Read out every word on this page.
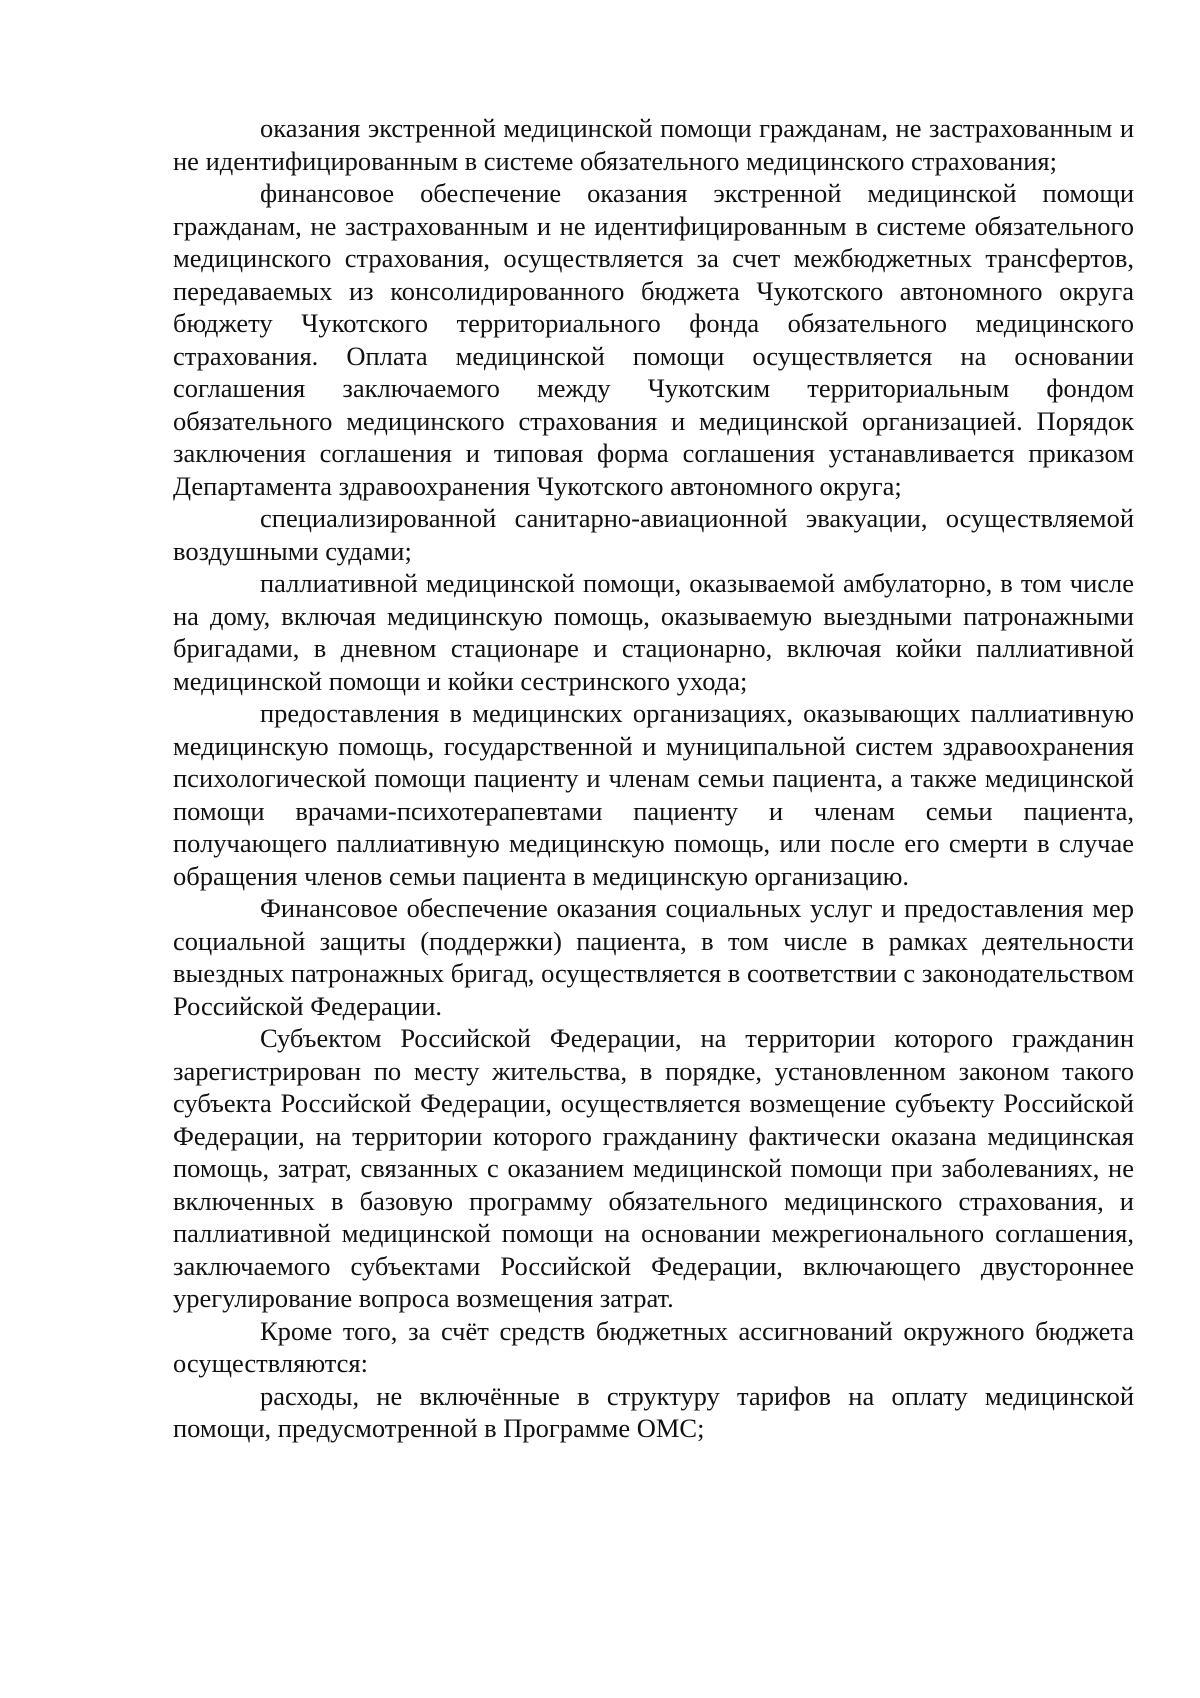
оказания экстренной медицинской помощи гражданам, не застрахованным и не идентифицированным в системе обязательного медицинского страхования;

финансовое обеспечение оказания экстренной медицинской помощи гражданам, не застрахованным и не идентифицированным в системе обязательного медицинского страхования, осуществляется за счет межбюджетных трансфертов, передаваемых из консолидированного бюджета Чукотского автономного округа бюджету Чукотского территориального фонда обязательного медицинского страхования. Оплата медицинской помощи осуществляется на основании соглашения заключаемого между Чукотским территориальным фондом обязательного медицинского страхования и медицинской организацией. Порядок заключения соглашения и типовая форма соглашения устанавливается приказом Департамента здравоохранения Чукотского автономного округа;

специализированной санитарно-авиационной эвакуации, осуществляемой воздушными судами;

паллиативной медицинской помощи, оказываемой амбулаторно, в том числе на дому, включая медицинскую помощь, оказываемую выездными патронажными бригадами, в дневном стационаре и стационарно, включая койки паллиативной медицинской помощи и койки сестринского ухода;

предоставления в медицинских организациях, оказывающих паллиативную медицинскую помощь, государственной и муниципальной систем здравоохранения психологической помощи пациенту и членам семьи пациента, а также медицинской помощи врачами-психотерапевтами пациенту и членам семьи пациента, получающего паллиативную медицинскую помощь, или после его смерти в случае обращения членов семьи пациента в медицинскую организацию.

Финансовое обеспечение оказания социальных услуг и предоставления мер социальной защиты (поддержки) пациента, в том числе в рамках деятельности выездных патронажных бригад, осуществляется в соответствии с законодательством Российской Федерации.

Субъектом Российской Федерации, на территории которого гражданин зарегистрирован по месту жительства, в порядке, установленном законом такого субъекта Российской Федерации, осуществляется возмещение субъекту Российской Федерации, на территории которого гражданину фактически оказана медицинская помощь, затрат, связанных с оказанием медицинской помощи при заболеваниях, не включенных в базовую программу обязательного медицинского страхования, и паллиативной медицинской помощи на основании межрегионального соглашения, заключаемого субъектами Российской Федерации, включающего двустороннее урегулирование вопроса возмещения затрат.

Кроме того, за счёт средств бюджетных ассигнований окружного бюджета осуществляются:

расходы, не включённые в структуру тарифов на оплату медицинской помощи, предусмотренной в Программе ОМС;
